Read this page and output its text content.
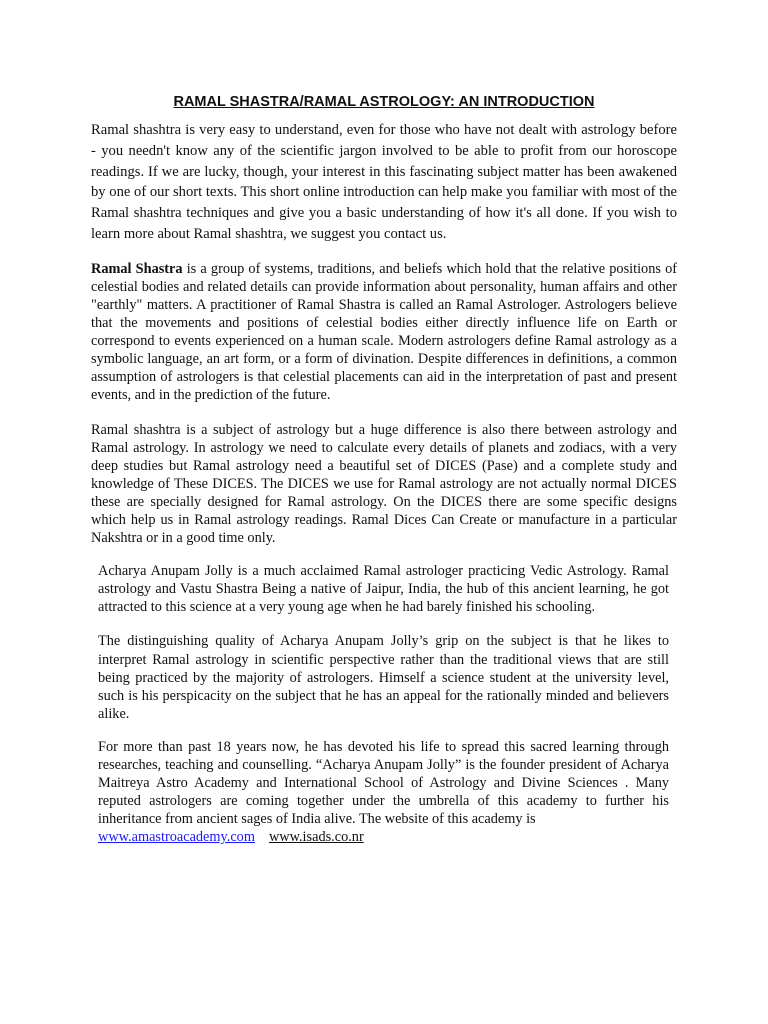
RAMAL SHASTRA/RAMAL ASTROLOGY: AN INTRODUCTION

Ramal shashtra is very easy to understand, even for those who have not dealt with astrology before - you needn't know any of the scientific jargon involved to be able to profit from our horoscope readings. If we are lucky, though, your interest in this fascinating subject matter has been awakened by one of our short texts. This short online introduction can help make you familiar with most of the Ramal shashtra techniques and give you a basic understanding of how it's all done. If you wish to learn more about Ramal shashtra, we suggest you contact us.

Ramal Shastra is a group of systems, traditions, and beliefs which hold that the relative positions of celestial bodies and related details can provide information about personality, human affairs and other "earthly" matters. A practitioner of Ramal Shastra is called an Ramal Astrologer. Astrologers believe that the movements and positions of celestial bodies either directly influence life on Earth or correspond to events experienced on a human scale. Modern astrologers define Ramal astrology as a symbolic language, an art form, or a form of divination. Despite differences in definitions, a common assumption of astrologers is that celestial placements can aid in the interpretation of past and present events, and in the prediction of the future.

Ramal shashtra is a subject of astrology but a huge difference is also there between astrology and Ramal astrology. In astrology we need to calculate every details of planets and zodiacs, with a very deep studies but Ramal astrology need a beautiful set of DICES (Pase) and a complete study and knowledge of These DICES. The DICES we use for Ramal astrology are not actually normal DICES these are specially designed for Ramal astrology. On the DICES there are some specific designs which help us in Ramal astrology readings. Ramal Dices Can Create or manufacture in a particular Nakshtra or in a good time only.

Acharya Anupam Jolly is a much acclaimed Ramal astrologer practicing Vedic Astrology. Ramal astrology and Vastu Shastra Being a native of Jaipur, India, the hub of this ancient learning, he got attracted to this science at a very young age when he had barely finished his schooling.

The distinguishing quality of Acharya Anupam Jolly’s grip on the subject is that he likes to interpret Ramal astrology in scientific perspective rather than the traditional views that are still being practiced by the majority of astrologers. Himself a science student at the university level, such is his perspicacity on the subject that he has an appeal for the rationally minded and believers alike.

For more than past 18 years now, he has devoted his life to spread this sacred learning through researches, teaching and counselling. “Acharya Anupam Jolly” is the founder president of Acharya Maitreya Astro Academy and International School of Astrology and Divine Sciences . Many reputed astrologers are coming together under the umbrella of this academy to further his inheritance from ancient sages of India alive. The website of this academy is

www.amastroacademy.com www.isads.co.nr
